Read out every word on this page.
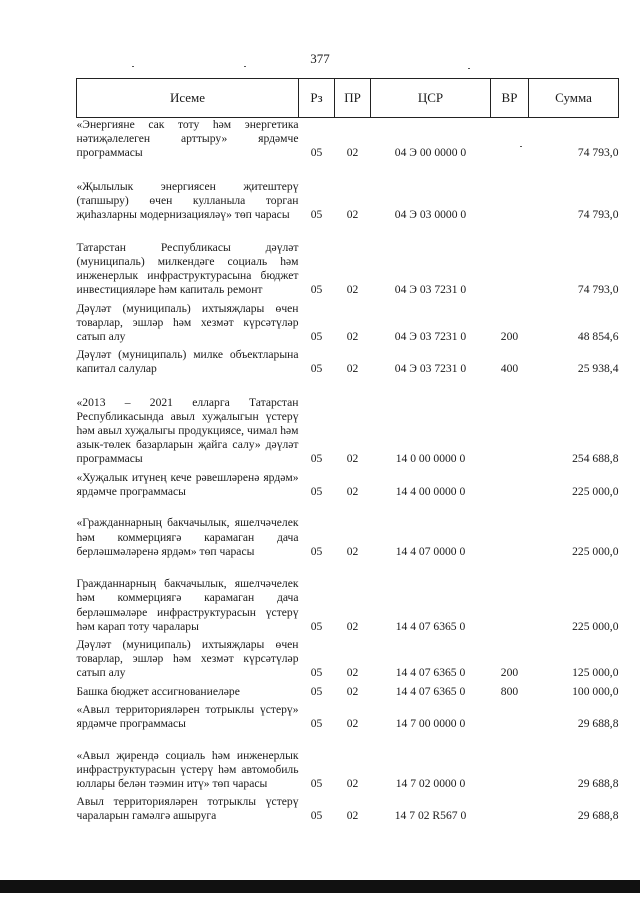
377
Исеме	Рз	ПР	ЦСР	ВР	Сумма
«Энергияне сак тоту һәм энергетика нәтиҗәлелеген арттыру» ярдәмче программасы	05	02	04 Э 00 0000 0		74 793,0
«Җылылык энергиясен җитештерү (тапшыру) өчен кулланыла торган җиһазларны модернизацияләү» төп чарасы	05	02	04 Э 03 0000 0		74 793,0
Татарстан Республикасы дәүләт (муниципаль) милкендәге социаль һәм инженерлык инфраструктурасына бюджет инвестицияләре һәм капиталь ремонт	05	02	04 Э 03 7231 0		74 793,0
Дәүләт (муниципаль) ихтыяҗлары өчен товарлар, эшләр һәм хезмәт күрсәтүләр сатып алу	05	02	04 Э 03 7231 0	200	48 854,6
Дәүләт (муниципаль) милке объектларына капитал салулар	05	02	04 Э 03 7231 0	400	25 938,4
«2013 – 2021 елларга Татарстан Республикасында авыл хуҗалыгын үстерү һәм авыл хуҗалыгы продукциясе, чимал һәм азык-төлек базарларын җайга салу» дәүләт программасы	05	02	14 0 00 0000 0		254 688,8
«Хуҗалык итүнең кече рәвешләренә ярдәм» ярдәмче программасы	05	02	14 4 00 0000 0		225 000,0
«Гражданнарның бакчачылык, яшелчәчелек һәм коммерциягә карамаган дача берләшмәләренә ярдәм» төп чарасы	05	02	14 4 07 0000 0		225 000,0
Гражданнарның бакчачылык, яшелчәчелек һәм коммерциягә карамаган дача берләшмәләре инфраструктурасын үстерү һәм карап тоту чаралары	05	02	14 4 07 6365 0		225 000,0
Дәүләт (муниципаль) ихтыяҗлары өчен товарлар, эшләр һәм хезмәт күрсәтүләр сатып алу	05	02	14 4 07 6365 0	200	125 000,0
Башка бюджет ассигнованиеләре	05	02	14 4 07 6365 0	800	100 000,0
«Авыл территорияләрен тотрыклы үстерү» ярдәмче программасы	05	02	14 7 00 0000 0		29 688,8
«Авыл җирендә социаль һәм инженерлык инфраструктурасын үстерү һәм автомобиль юллары белән тәэмин итү» төп чарасы	05	02	14 7 02 0000 0		29 688,8
Авыл территорияләрен тотрыклы үстерү чараларын гамәлгә ашыруга	05	02	14 7 02 R567 0		29 688,8
